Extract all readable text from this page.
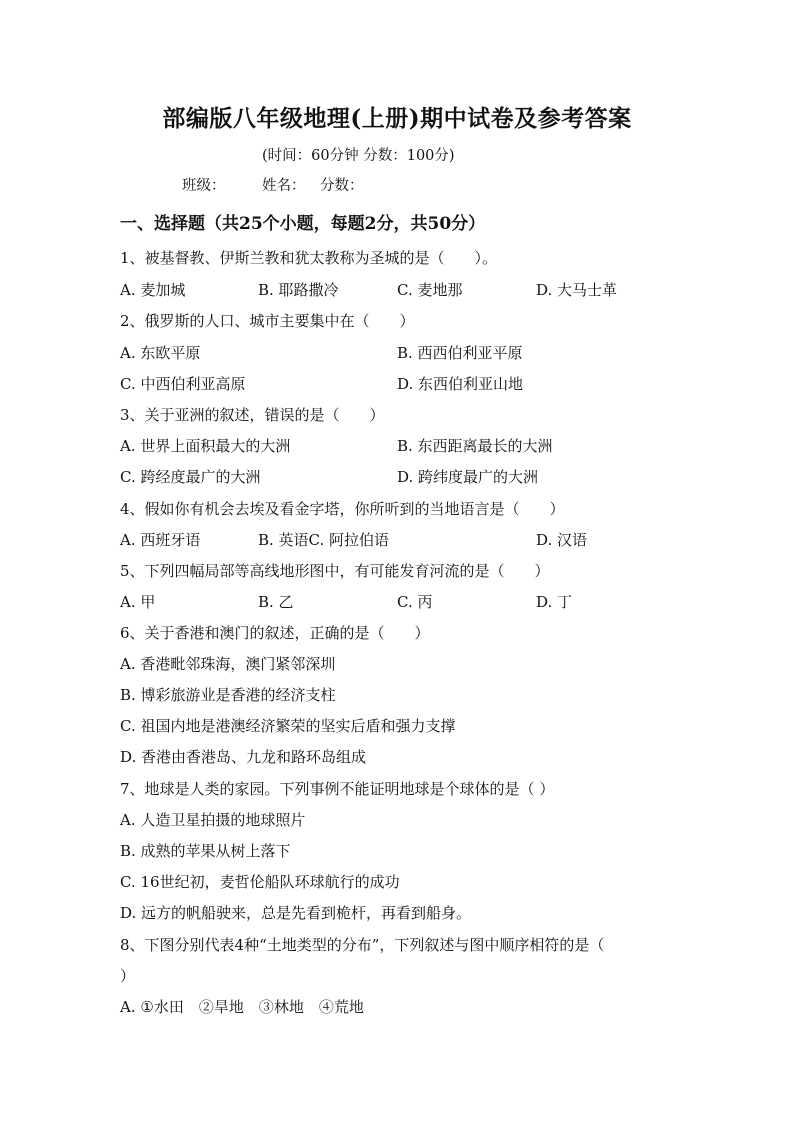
部编版八年级地理(上册)期中试卷及参考答案
(时间：60分钟 分数：100分)
班级：	姓名： 分数：
一、选择题（共25个小题，每题2分，共50分）
1、被基督教、伊斯兰教和犹太教称为圣城的是（　　）。
A. 麦加城	B. 耶路撒冷	C. 麦地那	D. 大马士革
2、俄罗斯的人口、城市主要集中在（　　）
A. 东欧平原	B. 西西伯利亚平原
C. 中西伯利亚高原	D. 东西伯利亚山地
3、关于亚洲的叙述，错误的是（　　）
A. 世界上面积最大的大洲	B. 东西距离最长的大洲
C. 跨经度最广的大洲	D. 跨纬度最广的大洲
4、假如你有机会去埃及看金字塔，你所听到的当地语言是（　　）
A. 西班牙语	B. 英语C. 阿拉伯语	D. 汉语
5、下列四幅局部等高线地形图中，有可能发育河流的是（　　）
A. 甲	B. 乙	C. 丙	D. 丁
6、关于香港和澳门的叙述，正确的是（　　）
A. 香港毗邻珠海，澳门紧邻深圳
B. 博彩旅游业是香港的经济支柱
C. 祖国内地是港澳经济繁荣的坚实后盾和强力支撑
D. 香港由香港岛、九龙和路环岛组成
7、地球是人类的家园。下列事例不能证明地球是个球体的是（ ）
A. 人造卫星拍摄的地球照片
B. 成熟的苹果从树上落下
C. 16世纪初，麦哲伦船队环球航行的成功
D. 远方的帆船驶来，总是先看到桅杆，再看到船身。
8、下图分别代表4种“土地类型的分布”，下列叙述与图中顺序相符的是（
）
A. ①水田　②旱地　③林地　④荒地
